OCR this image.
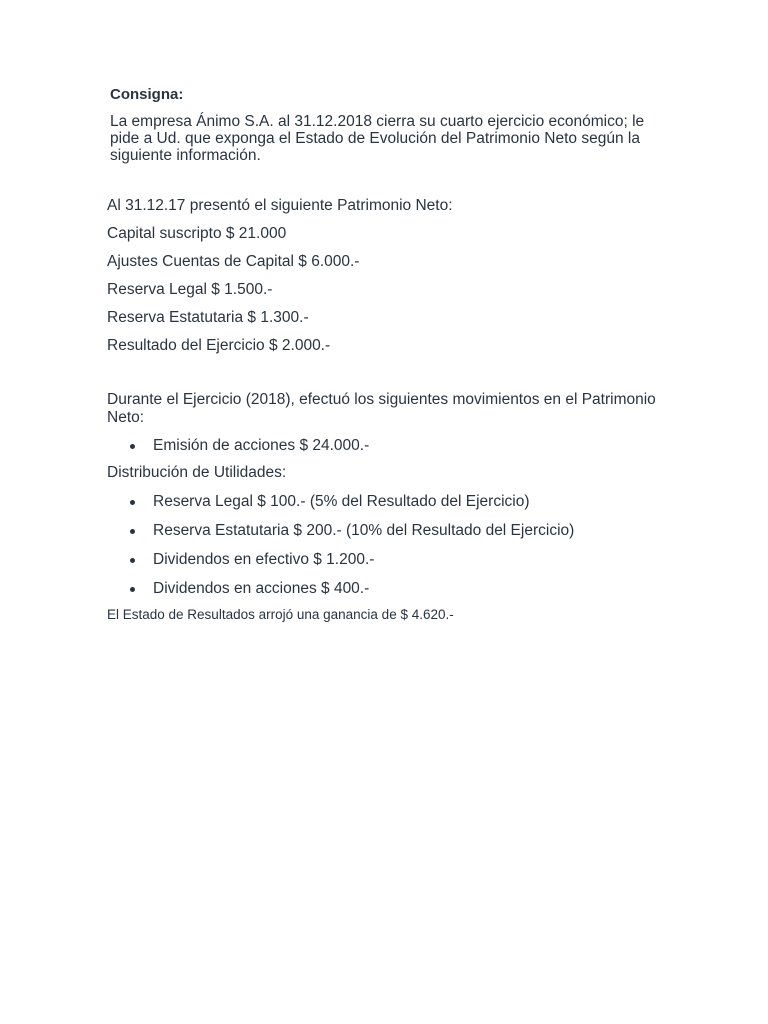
Consigna:

La empresa Ánimo S.A. al 31.12.2018 cierra su cuarto ejercicio económico; le pide a Ud. que exponga el Estado de Evolución del Patrimonio Neto según la siguiente información.

Al 31.12.17 presentó el siguiente Patrimonio Neto:

Capital suscripto $ 21.000

Ajustes Cuentas de Capital $ 6.000.-

Reserva Legal $ 1.500.-

Reserva Estatutaria $ 1.300.-

Resultado del Ejercicio $ 2.000.-

Durante el Ejercicio (2018), efectuó los siguientes movimientos en el Patrimonio Neto:

Emisión de acciones $ 24.000.-

Distribución de Utilidades:

Reserva Legal $ 100.- (5% del Resultado del Ejercicio)
Reserva Estatutaria $ 200.- (10% del Resultado del Ejercicio)
Dividendos en efectivo $ 1.200.-
Dividendos en acciones $ 400.-

El Estado de Resultados arrojó una ganancia de $ 4.620.-
